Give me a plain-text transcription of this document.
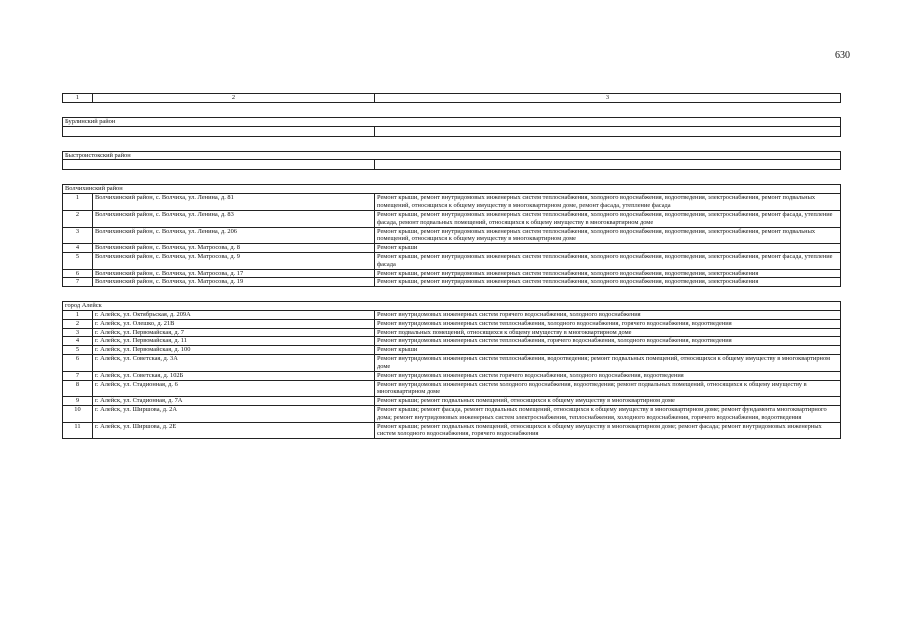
630
1	2	3

Бурлинский район		

Быстроистокский район		

Волчихинский район		
1	Волчихинский район, с. Волчиха, ул. Ленина, д. 81	Ремонт крыши, ремонт внутридомовых инженерных систем теплоснабжения, холодного водоснабжения, водоотведения, электроснабжения, ремонт подвальных помещений, относящихся к общему имуществу в многоквартирном доме, ремонт фасада, утепление фасада
2	Волчихинский район, с. Волчиха, ул. Ленина, д. 83	Ремонт крыши, ремонт внутридомовых инженерных систем теплоснабжения, холодного водоснабжения, водоотведения, электроснабжения, ремонт фасада, утепление фасада, ремонт подвальных помещений, относящихся к общему имуществу в многоквартирном доме
3	Волчихинский район, с. Волчиха, ул. Ленина, д. 206	Ремонт крыши, ремонт внутридомовых инженерных систем теплоснабжения, холодного водоснабжения, водоотведения, электроснабжения, ремонт подвальных помещений, относящихся к общему имуществу в многоквартирном доме
4	Волчихинский район, с. Волчиха, ул. Матросова, д. 8	Ремонт крыши
5	Волчихинский район, с. Волчиха, ул. Матросова, д. 9	Ремонт крыши, ремонт внутридомовых инженерных систем теплоснабжения, холодного водоснабжения, водоотведения, электроснабжения, ремонт фасада, утепление фасада
6	Волчихинский район, с. Волчиха, ул. Матросова, д. 17	Ремонт крыши, ремонт внутридомовых инженерных систем теплоснабжения, холодного водоснабжения, водоотведения, электроснабжения
7	Волчихинский район, с. Волчиха, ул. Матросова, д. 19	Ремонт крыши, ремонт внутридомовых инженерных систем теплоснабжения, холодного водоснабжения, водоотведения, электроснабжения

город Алейск		
1	г. Алейск, ул. Октябрьская, д. 209А	Ремонт внутридомовых инженерных систем горячего водоснабжения, холодного водоснабжения
2	г. Алейск, ул. Олешко, д. 21В	Ремонт внутридомовых инженерных систем теплоснабжения, холодного водоснабжения, горячего водоснабжения, водоотведения
3	г. Алейск, ул. Первомайская, д. 7	Ремонт подвальных помещений, относящихся к общему имуществу в многоквартирном доме
4	г. Алейск, ул. Первомайская, д. 11	Ремонт внутридомовых инженерных систем теплоснабжения, горячего водоснабжения, холодного водоснабжения, водоотведения
5	г. Алейск, ул. Первомайская, д. 100	Ремонт крыши
6	г. Алейск, ул. Советская, д. 3А	Ремонт внутридомовых инженерных систем теплоснабжения, водоотведения; ремонт подвальных помещений, относящихся к общему имуществу в многоквартирном доме
7	г. Алейск, ул. Советская, д. 102Б	Ремонт внутридомовых инженерных систем горячего водоснабжения, холодного водоснабжения, водоотведения
8	г. Алейск, ул. Стадионная, д. 6	Ремонт внутридомовых инженерных систем холодного водоснабжения, водоотведения; ремонт подвальных помещений, относящихся к общему имуществу в многоквартирном доме
9	г. Алейск, ул. Стадионная, д. 7А	Ремонт крыши; ремонт подвальных помещений, относящихся к общему имуществу в многоквартирном доме
10	г. Алейск, ул. Ширшова, д. 2А	Ремонт крыши; ремонт фасада, ремонт подвальных помещений, относящихся к общему имуществу в многоквартирном доме; ремонт фундамента многоквартирного дома; ремонт внутридомовых инженерных систем электроснабжения, теплоснабжения, холодного водоснабжения, горячего водоснабжения, водоотведения
11	г. Алейск, ул. Ширшова, д. 2Е	Ремонт крыши; ремонт подвальных помещений, относящихся к общему имуществу в многоквартирном доме; ремонт фасада; ремонт внутридомовых инженерных систем холодного водоснабжения, горячего водоснабжения
